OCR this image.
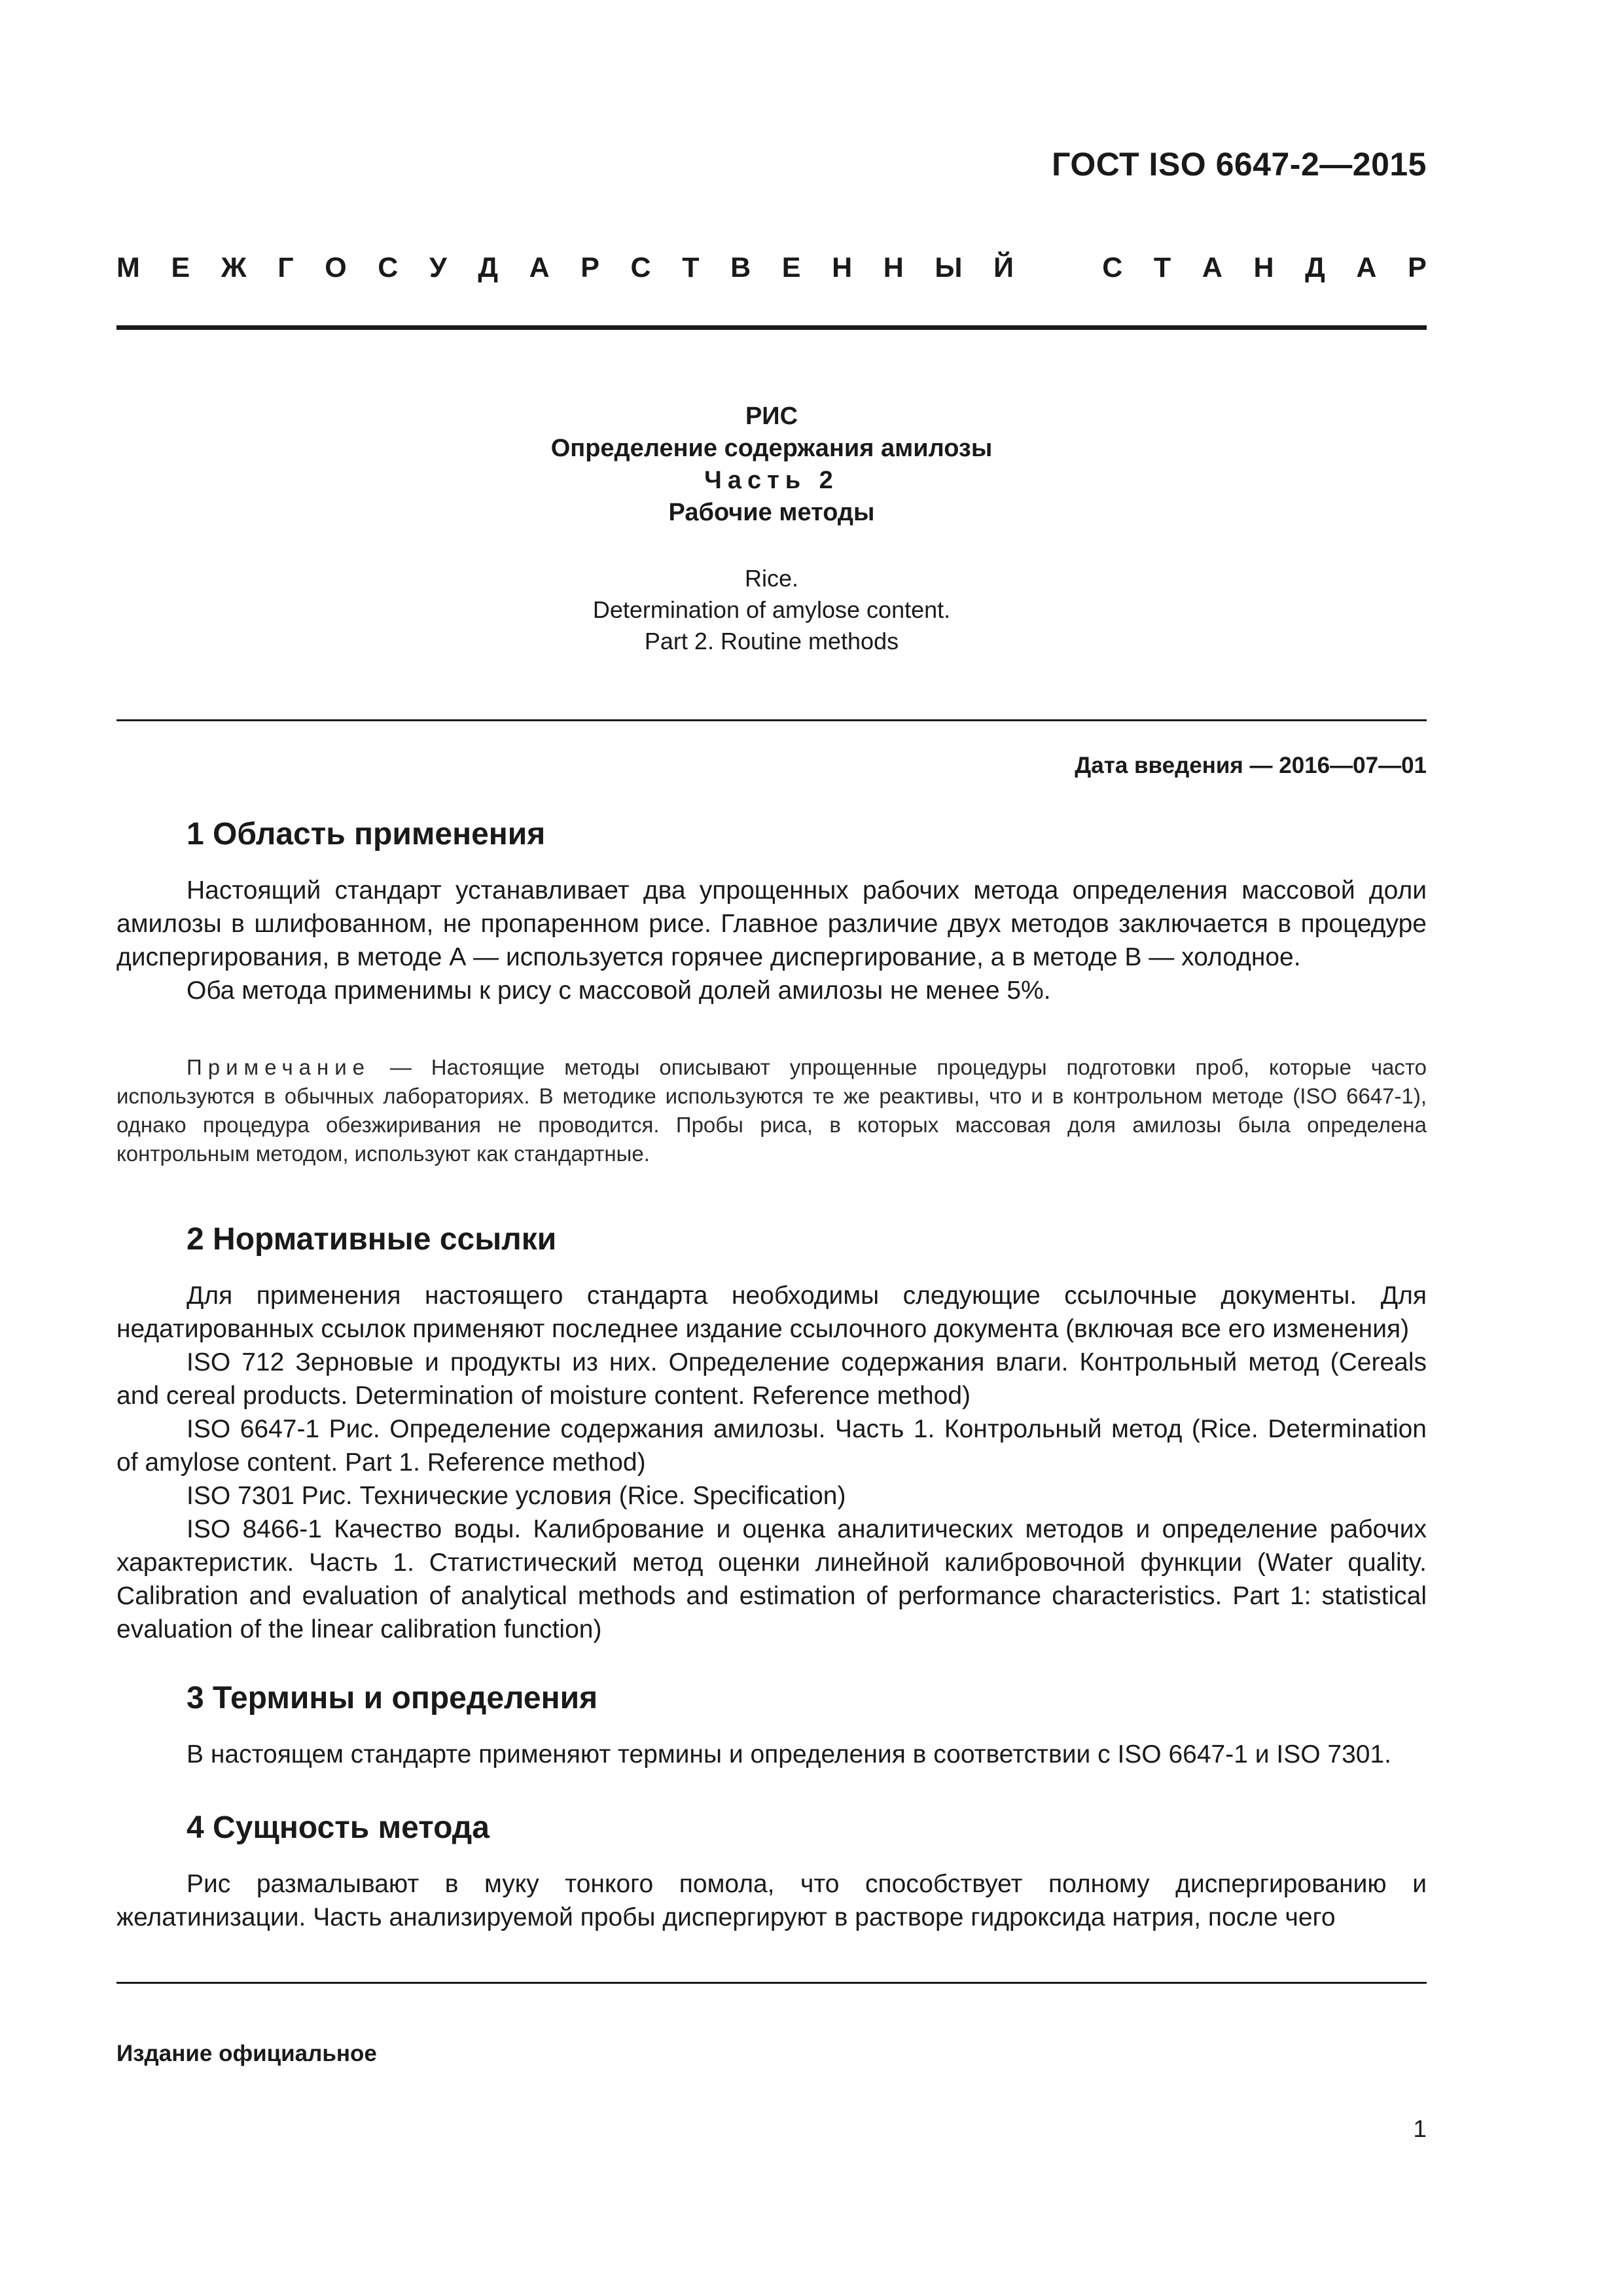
ГОСТ ISO 6647-2—2015
М Е Ж Г О С У Д А Р С Т В Е Н Н Ы Й	С Т А Н Д А Р
РИС
Определение содержания амилозы
Часть 2
Рабочие методы
Rice.
Determination of amylose content.
Part 2. Routine methods
Дата введения — 2016—07—01
1 Область применения

Настоящий стандарт устанавливает два упрощенных рабочих метода определения массовой доли амилозы в шлифованном, не пропаренном рисе. Главное различие двух методов заключается в процедуре диспергирования, в методе А — используется горячее диспергирование, а в методе В — холодное.

Оба метода применимы к рису с массовой долей амилозы не менее 5%.

Примечание — Настоящие методы описывают упрощенные процедуры подготовки проб, которые часто используются в обычных лабораториях. В методике используются те же реактивы, что и в контрольном методе (ISO 6647-1), однако процедура обезжиривания не проводится. Пробы риса, в которых массовая доля амилозы была определена контрольным методом, используют как стандартные.

2 Нормативные ссылки

Для применения настоящего стандарта необходимы следующие ссылочные документы. Для недатированных ссылок применяют последнее издание ссылочного документа (включая все его изменения)

ISO 712 Зерновые и продукты из них. Определение содержания влаги. Контрольный метод (Cereals and cereal products. Determination of moisture content. Reference method)

ISO 6647-1 Рис. Определение содержания амилозы. Часть 1. Контрольный метод (Rice. Determination of amylose content. Part 1. Reference method)

ISO 7301 Рис. Технические условия (Rice. Specification)

ISO 8466-1 Качество воды. Калибрование и оценка аналитических методов и определение рабочих характеристик. Часть 1. Статистический метод оценки линейной калибровочной функции (Water quality. Calibration and evaluation of analytical methods and estimation of performance characteristics. Part 1: statistical evaluation of the linear calibration function)

3 Термины и определения

В настоящем стандарте применяют термины и определения в соответствии с ISO 6647-1 и ISO 7301.

4 Сущность метода

Рис размалывают в муку тонкого помола, что способствует полному диспергированию и желатинизации. Часть анализируемой пробы диспергируют в растворе гидроксида натрия, после чего

Издание официальное
1
